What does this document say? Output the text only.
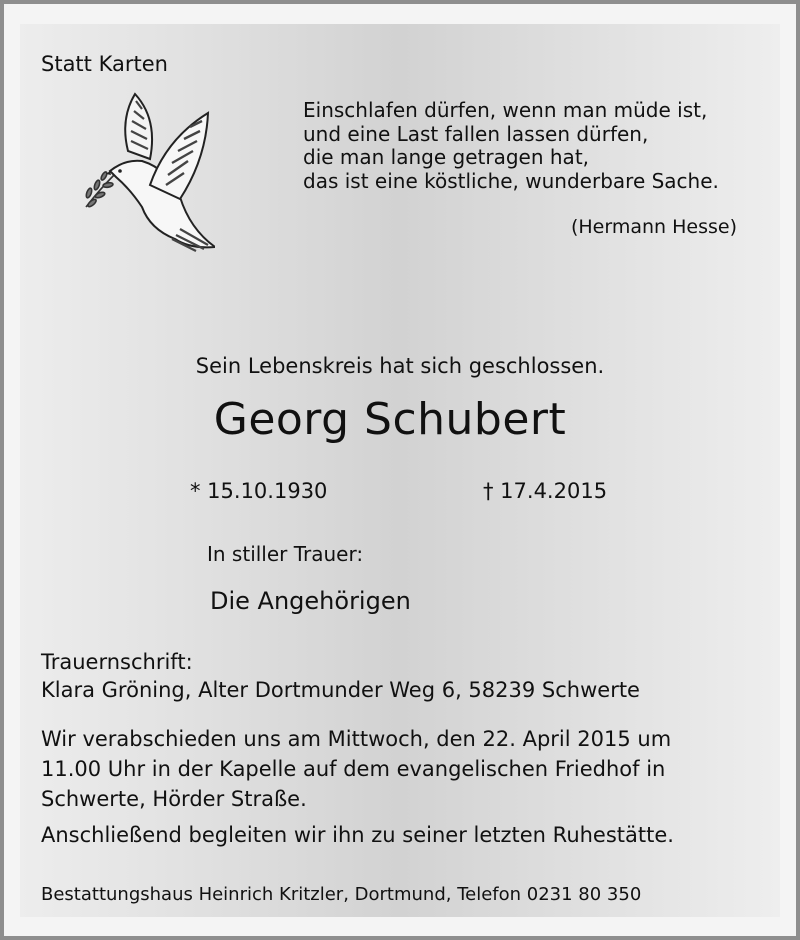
Statt Karten
Einschlafen dürfen, wenn man müde ist,
und eine Last fallen lassen dürfen,
die man lange getragen hat,
das ist eine köstliche, wunderbare Sache.
(Hermann Hesse)
Sein Lebenskreis hat sich geschlossen.
Georg Schubert
* 15.10.1930	† 17.4.2015
In stiller Trauer:
Die Angehörigen
Trauernschrift:
Klara Gröning, Alter Dortmunder Weg 6, 58239 Schwerte
Wir verabschieden uns am Mittwoch, den 22. April 2015 um
11.00 Uhr in der Kapelle auf dem evangelischen Friedhof in
Schwerte, Hörder Straße.
Anschließend begleiten wir ihn zu seiner letzten Ruhestätte.
Bestattungshaus Heinrich Kritzler, Dortmund, Telefon 0231 80 350
